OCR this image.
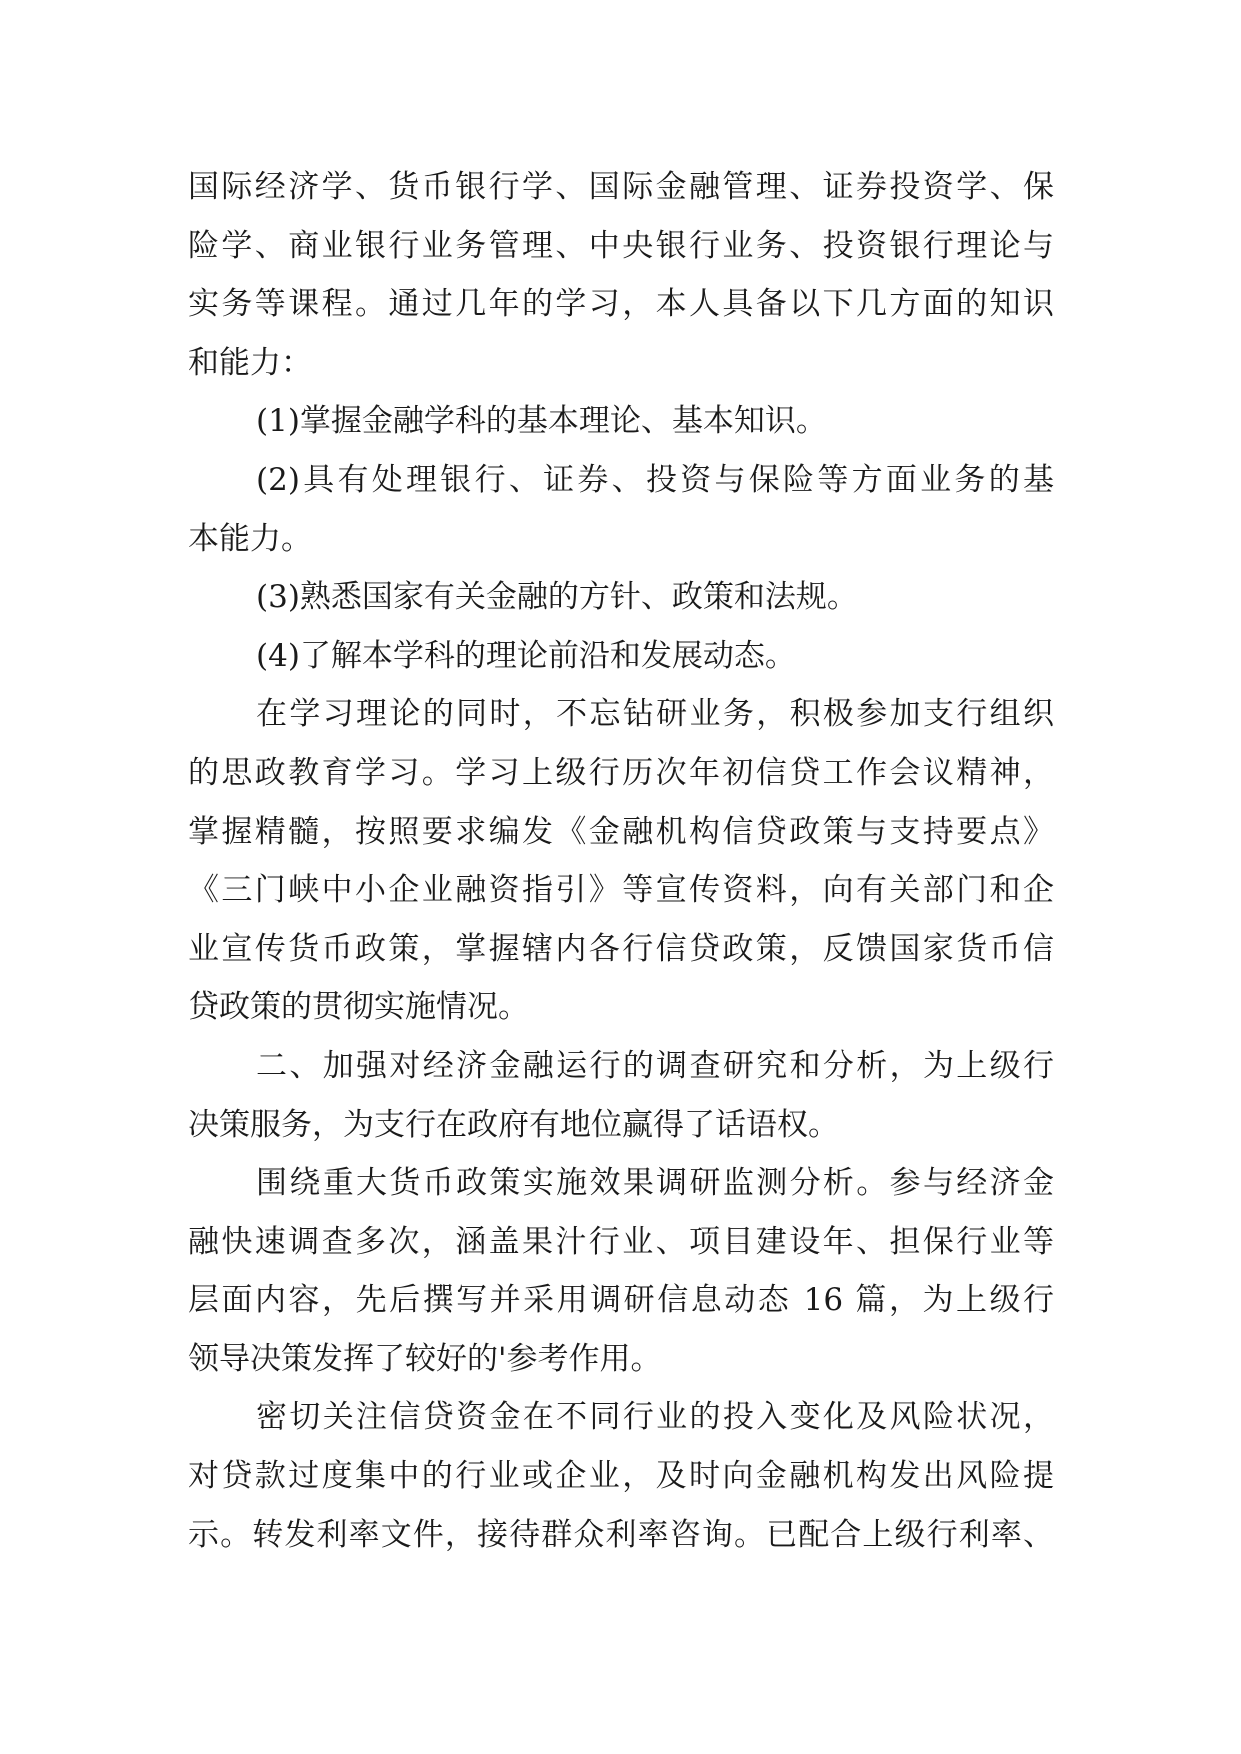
国际经济学、货币银行学、国际金融管理、证券投资学、保
险学、商业银行业务管理、中央银行业务、投资银行理论与
实务等课程。通过几年的学习，本人具备以下几方面的知识
和能力：
(1)掌握金融学科的基本理论、基本知识。
(2)具有处理银行、证券、投资与保险等方面业务的基
本能力。
(3)熟悉国家有关金融的方针、政策和法规。
(4)了解本学科的理论前沿和发展动态。
在学习理论的同时，不忘钻研业务，积极参加支行组织
的思政教育学习。学习上级行历次年初信贷工作会议精神，
掌握精髓，按照要求编发《金融机构信贷政策与支持要点》
《三门峡中小企业融资指引》等宣传资料，向有关部门和企
业宣传货币政策，掌握辖内各行信贷政策，反馈国家货币信
贷政策的贯彻实施情况。
二、加强对经济金融运行的调查研究和分析，为上级行
决策服务，为支行在政府有地位赢得了话语权。
围绕重大货币政策实施效果调研监测分析。参与经济金
融快速调查多次，涵盖果汁行业、项目建设年、担保行业等
层面内容，先后撰写并采用调研信息动态 16 篇，为上级行
领导决策发挥了较好的'参考作用。
密切关注信贷资金在不同行业的投入变化及风险状况，
对贷款过度集中的行业或企业，及时向金融机构发出风险提
示。转发利率文件，接待群众利率咨询。已配合上级行利率、
